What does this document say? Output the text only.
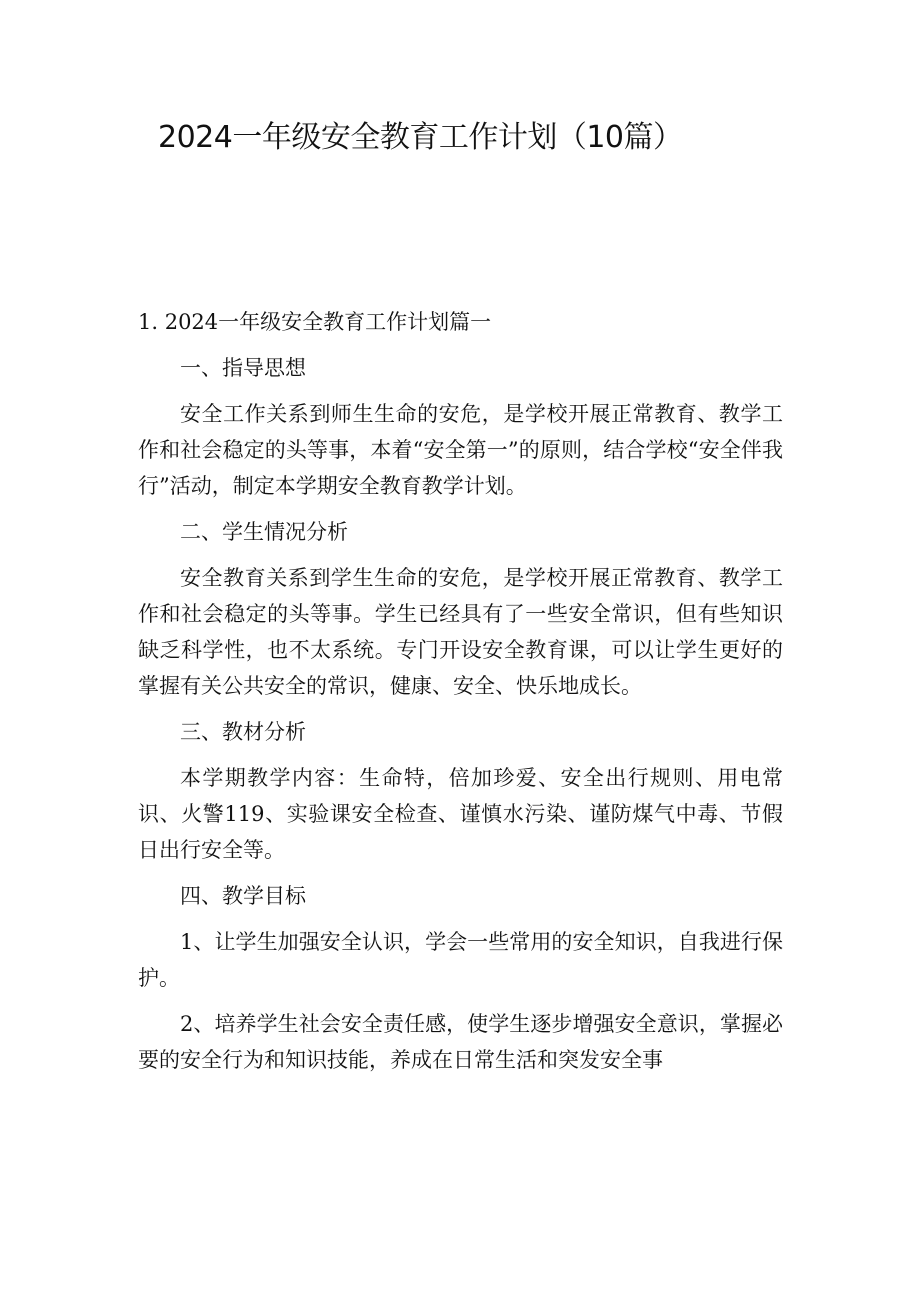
2024一年级安全教育工作计划（10篇）

1. 2024一年级安全教育工作计划篇一

一、指导思想

安全工作关系到师生生命的安危，是学校开展正常教育、教学工作和社会稳定的头等事，本着“安全第一”的原则，结合学校“安全伴我行”活动，制定本学期安全教育教学计划。

二、学生情况分析

安全教育关系到学生生命的安危，是学校开展正常教育、教学工作和社会稳定的头等事。学生已经具有了一些安全常识，但有些知识缺乏科学性，也不太系统。专门开设安全教育课，可以让学生更好的掌握有关公共安全的常识，健康、安全、快乐地成长。

三、教材分析

本学期教学内容：生命特，倍加珍爱、安全出行规则、用电常识、火警119、实验课安全检查、谨慎水污染、谨防煤气中毒、节假日出行安全等。

四、教学目标

1、让学生加强安全认识，学会一些常用的安全知识，自我进行保护。

2、培养学生社会安全责任感，使学生逐步增强安全意识，掌握必要的安全行为和知识技能，养成在日常生活和突发安全事
